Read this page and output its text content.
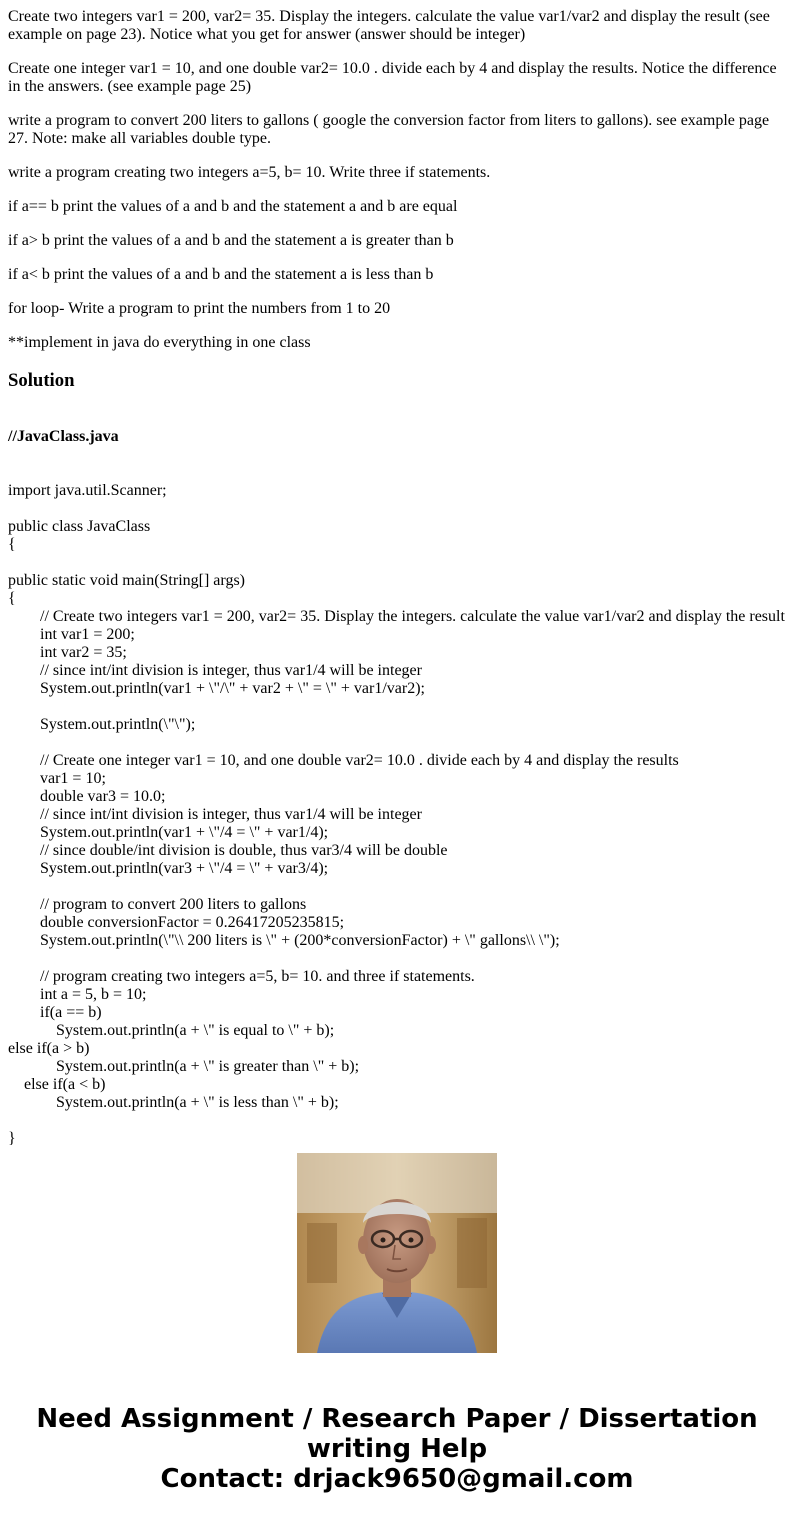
Create two integers var1 = 200, var2= 35. Display the integers. calculate the value var1/var2 and display the result (see example on page 23). Notice what you get for answer (answer should be integer)

Create one integer var1 = 10, and one double var2= 10.0 . divide each by 4 and display the results. Notice the difference in the answers. (see example page 25)

write a program to convert 200 liters to gallons ( google the conversion factor from liters to gallons). see example page 27. Note: make all variables double type.

write a program creating two integers a=5, b= 10. Write three if statements.

if a== b print the values of a and b and the statement a and b are equal

if a> b print the values of a and b and the statement a is greater than b

if a< b print the values of a and b and the statement a is less than b

for loop- Write a program to print the numbers from 1 to 20

**implement in java do everything in one class

Solution

//JavaClass.java

import java.util.Scanner;

public class JavaClass
{

public static void main(String[] args)
{
// Create two integers var1 = 200, var2= 35. Display the integers. calculate the value var1/var2 and display the result
int var1 = 200;
int var2 = 35;
// since int/int division is integer, thus var1/4 will be integer
System.out.println(var1 + \"/\" + var2 + \" = \" + var1/var2);

System.out.println(\"\");

// Create one integer var1 = 10, and one double var2= 10.0 . divide each by 4 and display the results
var1 = 10;
double var3 = 10.0;
// since int/int division is integer, thus var1/4 will be integer
System.out.println(var1 + \"/4 = \" + var1/4);
// since double/int division is double, thus var3/4 will be double
System.out.println(var3 + \"/4 = \" + var3/4);

// program to convert 200 liters to gallons
double conversionFactor = 0.26417205235815;
System.out.println(\"\\ 200 liters is \" + (200*conversionFactor) + \" gallons\\ \");

// program creating two integers a=5, b= 10. and three if statements.
int a = 5, b = 10;
if(a == b)
System.out.println(a + \" is equal to \" + b);
else if(a > b)
System.out.println(a + \" is greater than \" + b);
else if(a < b)
System.out.println(a + \" is less than \" + b);

}
Need Assignment / Research Paper / Dissertation
writing Help
Contact: drjack9650@gmail.com
